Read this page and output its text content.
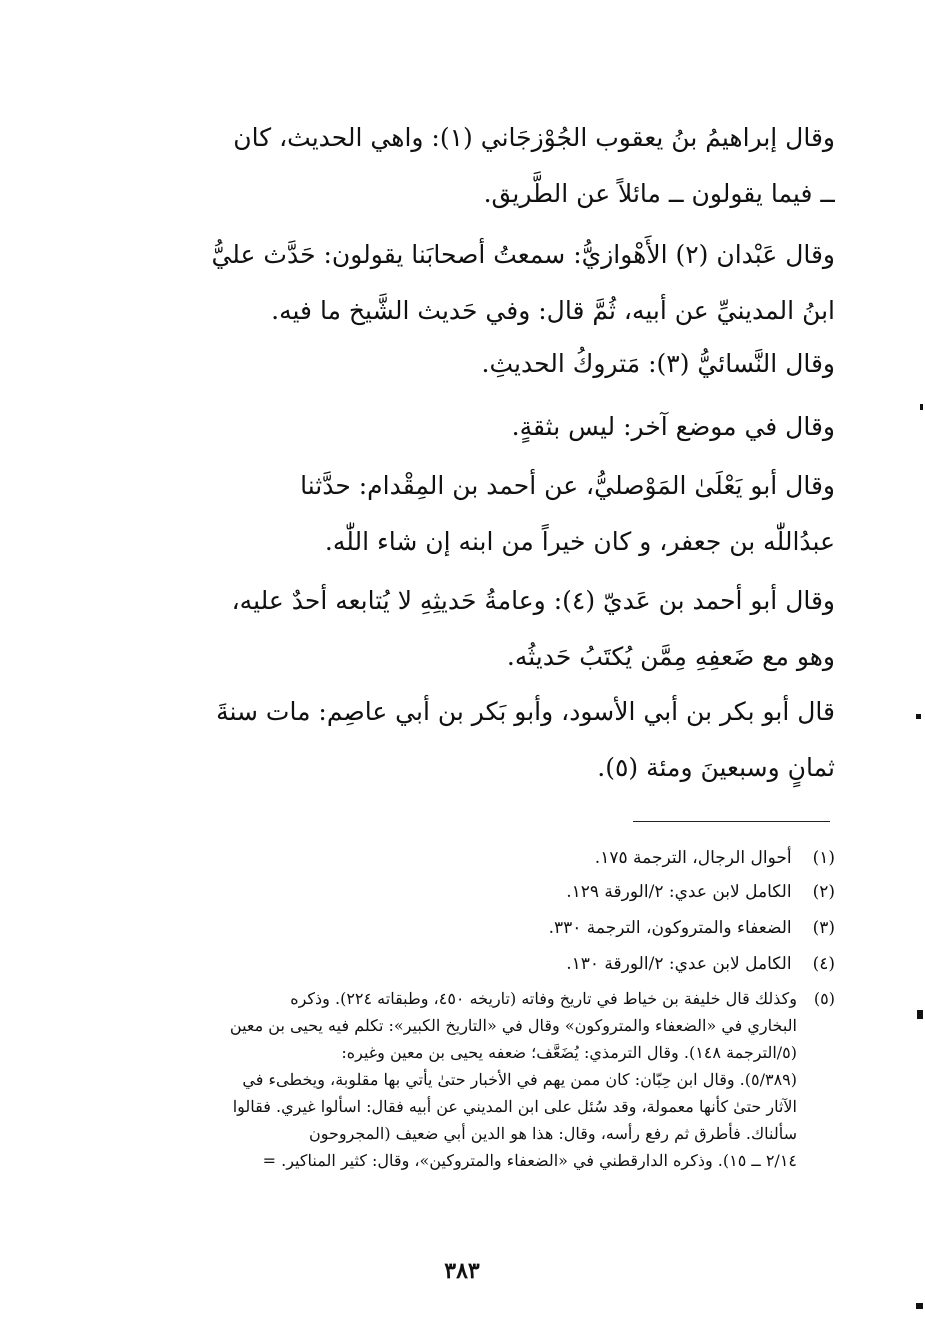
وقال إبراهيمُ بنُ يعقوب الجُوْزجَاني (١): واهي الحديث، كان
ــ فيما يقولون ــ مائلاً عن الطَّريق.
وقال عَبْدان (٢) الأَهْوازيُّ: سمعتُ أصحابَنا يقولون: حَدَّث عليُّ
ابنُ المدينيِّ عن أبيه، ثُمَّ قال: وفي حَديث الشَّيخ ما فيه.
وقال النَّسائيُّ (٣): مَتروكُ الحديثِ.
وقال في موضع آخر: ليس بثقةٍ.
وقال أبو يَعْلَىٰ المَوْصليُّ، عن أحمد بن المِقْدام: حدَّثنا
عبدُاللّٰه بن جعفر، و كان خيراً من ابنه إن شاء اللّٰه.
وقال أبو أحمد بن عَديّ (٤): وعامةُ حَديثِهِ لا يُتابعه أحدٌ عليه،
وهو مع ضَعفِهِ مِمَّن يُكتَبُ حَديثُه.
قال أبو بكر بن أبي الأسود، وأبو بَكر بن أبي عاصِم: مات سنةَ
ثمانٍ وسبعينَ ومئة (٥).
(١) أحوال الرجال، الترجمة ١٧٥.
(٢) الكامل لابن عدي: ٢/الورقة ١٢٩.
(٣) الضعفاء والمتروكون، الترجمة ٣٣٠.
(٤) الكامل لابن عدي: ٢/الورقة ١٣٠.
(٥)
وكذلك قال خليفة بن خياط في تاريخ وفاته (تاريخه ٤٥٠، وطبقاته ٢٢٤). وذكره
البخاري في «الضعفاء والمتروكون» وقال في «التاريخ الكبير»: تكلم فيه يحيى بن معين
(٥/الترجمة ١٤٨). وقال الترمذي: يُضَعَّف؛ ضعفه يحيى بن معين وغيره:
(٥/٣٨٩). وقال ابن حِبّان: كان ممن يهم في الأخبار حتىٰ يأتي بها مقلوبة، ويخطىء في
الآثار حتىٰ كأنها معمولة، وقد سُئل على ابن المديني عن أبيه فقال: اسألوا غيري. فقالوا
سألناك. فأطرق ثم رفع رأسه، وقال: هذا هو الدين أبي ضعيف (المجروحون
٢/١٤ ــ ١٥). وذكره الدارقطني في «الضعفاء والمتروكين»، وقال: كثير المناكير. =
٣٨٣
